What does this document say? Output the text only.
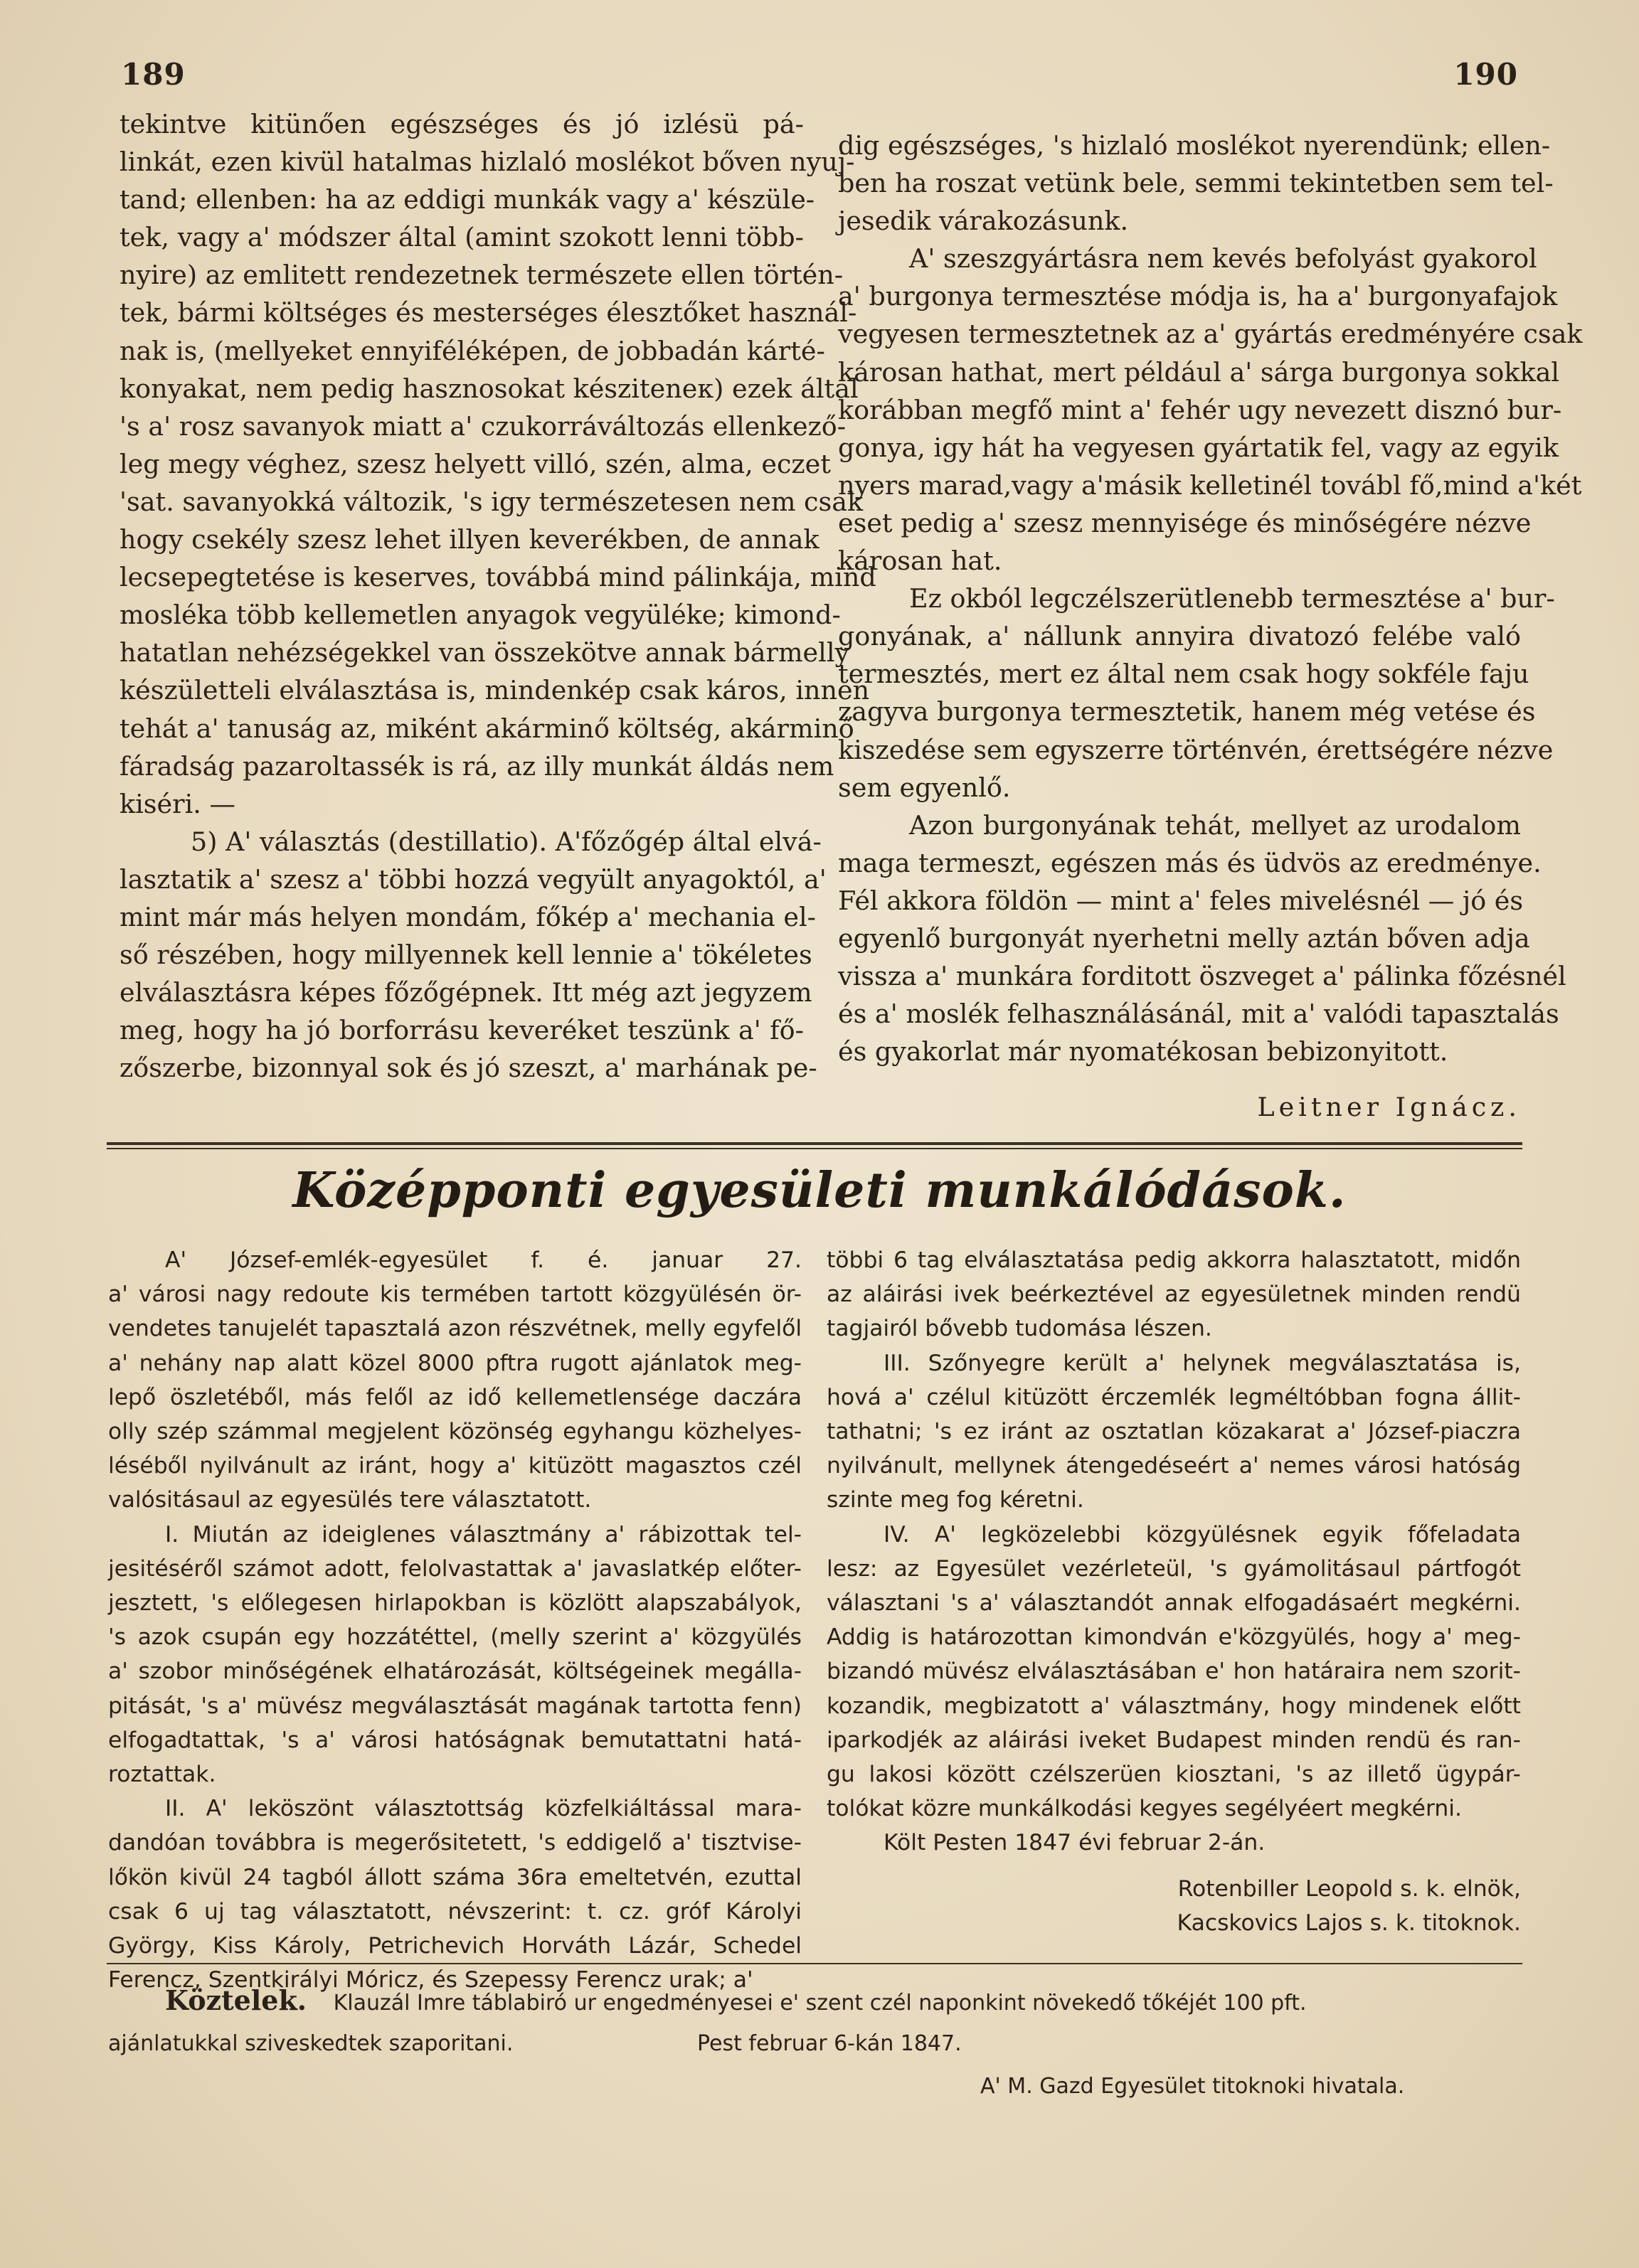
189	190
tekintve kitünően egészséges és jó izlésü pá-
linkát, ezen kivül hatalmas hizlaló moslékot bőven nyuj-
tand; ellenben: ha az eddigi munkák vagy a' készüle-
tek, vagy a' módszer által (amint szokott lenni több-
nyire) az emlitett rendezetnek természete ellen történ-
tek, bármi költséges és mesterséges élesztőket használ-
nak is, (mellyeket ennyiféléképen, de jobbadán kárté-
konyakat, nem pedig hasznosokat késziteneк) ezek által
's a' rosz savanyok miatt a' czukorráváltozás ellenkező-
leg megy véghez, szesz helyett villó, szén, alma, eczet
'sat. savanyokká változik, 's igy természetesen nem csak
hogy csekély szesz lehet illyen keverékben, de annak
lecsepegtetése is keserves, továbbá mind pálinkája, mind
mosléka több kellemetlen anyagok vegyüléke; kimond-
hatatlan nehézségekkel van összekötve annak bármelly
készületteli elválasztása is, mindenkép csak káros, innen
tehát a' tanuság az, miként akárminő költség, akárminő
fáradság pazaroltassék is rá, az illy munkát áldás nem
kiséri. —
5) A' választás (destillatio). A'főzőgép által elvá-
lasztatik a' szesz a' többi hozzá vegyült anyagoktól, a'
mint már más helyen mondám, főkép a' mechania el-
ső részében, hogy millyennek kell lennie a' tökéletes
elválasztásra képes főzőgépnek. Itt még azt jegyzem
meg, hogy ha jó borforrásu keveréket teszünk a' fő-
zőszerbe, bizonnyal sok és jó szeszt, a' marhának pe-
dig egészséges, 's hizlaló moslékot nyerendünk; ellen-
ben ha roszat vetünk bele, semmi tekintetben sem tel-
jesedik várakozásunk.
A' szeszgyártásra nem kevés befolyást gyakorol
a' burgonya termesztése módja is, ha a' burgonyafajok
vegyesen termesztetnek az a' gyártás eredményére csak
károsan hathat, mert például a' sárga burgonya sokkal
korábban megfő mint a' fehér ugy nevezett disznó bur-
gonya, igy hát ha vegyesen gyártatik fel, vagy az egyik
nyers marad,vagy a'másik kelletinél továbl fő,mind a'két
eset pedig a' szesz mennyisége és minőségére nézve
károsan hat.
Ez okból legczélszerütlenebb termesztése a' bur-
gonyának, a' nállunk annyira divatozó felébe való
termesztés, mert ez által nem csak hogy sokféle faju
zagyva burgonya termesztetik, hanem még vetése és
kiszedése sem egyszerre történvén, érettségére nézve
sem egyenlő.
Azon burgonyának tehát, mellyet az urodalom
maga termeszt, egészen más és üdvös az eredménye.
Fél akkora földön — mint a' feles mivelésnél — jó és
egyenlő burgonyát nyerhetni melly aztán bőven adja
vissza a' munkára forditott öszveget a' pálinka főzésnél
és a' moslék felhasználásánál, mit a' valódi tapasztalás
és gyakorlat már nyomatékosan bebizonyitott.
Leitner Ignácz.
Középponti egyesületi munkálódások.
A' József-emlék-egyesület f. é. januar 27.
a' városi nagy redoute kis termében tartott közgyülésén ör-
vendetes tanujelét tapasztalá azon részvétnek, melly egyfelől
a' nehány nap alatt közel 8000 pftra rugott ajánlatok meg-
lepő öszletéből, más felől az idő kellemetlensége daczára
olly szép számmal megjelent közönség egyhangu közhelyes-
léséből nyilvánult az iránt, hogy a' kitüzött magasztos czél
valósitásaul az egyesülés tere választatott.
I. Miután az ideiglenes választmány a' rábizottak tel-
jesitéséről számot adott, felolvastattak a' javaslatkép előter-
jesztett, 's előlegesen hirlapokban is közlött alapszabályok,
's azok csupán egy hozzátéttel, (melly szerint a' közgyülés
a' szobor minőségének elhatározását, költségeinek megálla-
pitását, 's a' müvész megválasztását magának tartotta fenn)
elfogadtattak, 's a' városi hatóságnak bemutattatni hatá-
roztattak.
II. A' leköszönt választottság közfelkiáltással mara-
dandóan továbbra is megerősitetett, 's eddigelő a' tisztvise-
lőkön kivül 24 tagból állott száma 36ra emeltetvén, ezuttal
csak 6 uj tag választatott, névszerint: t. cz. gróf Károlyi
György, Kiss Károly, Petrichevich Horváth Lázár, Schedel
Ferencz, Szentkirályi Móricz, és Szepessy Ferencz urak; a'
többi 6 tag elválasztatása pedig akkorra halasztatott, midőn
az aláirási ivek beérkeztével az egyesületnek minden rendü
tagjairól bővebb tudomása lészen.
III. Szőnyegre került a' helynek megválasztatása is,
hová a' czélul kitüzött érczemlék legméltóbban fogna állit-
tathatni; 's ez iránt az osztatlan közakarat a' József-piaczra
nyilvánult, mellynek átengedéseért a' nemes városi hatóság
szinte meg fog kéretni.
IV. A' legközelebbi közgyülésnek egyik főfeladata
lesz: az Egyesület vezérleteül, 's gyámolitásaul pártfogót
választani 's a' választandót annak elfogadásaért megkérni.
Addig is határozottan kimondván e'közgyülés, hogy a' meg-
bizandó müvész elválasztásában e' hon határaira nem szorit-
kozandik, megbizatott a' választmány, hogy mindenek előtt
iparkodjék az aláirási iveket Budapest minden rendü és ran-
gu lakosi között czélszerüen kiosztani, 's az illető ügypár-
tolókat közre munkálkodási kegyes segélyéert megkérni.
Költ Pesten 1847 évi februar 2-án.
Rotenbiller Leopold s. k. elnök,
Kacskovics Lajos s. k. titoknok.
Köztelek. Klauzál Imre táblabiró ur engedményesei e' szent czél naponkint növekedő tőkéjét 100 pft.
ajánlatukkal sziveskedtek szaporitani.	Pest februar 6-kán 1847.
A' M. Gazd Egyesület titoknoki hivatala.
